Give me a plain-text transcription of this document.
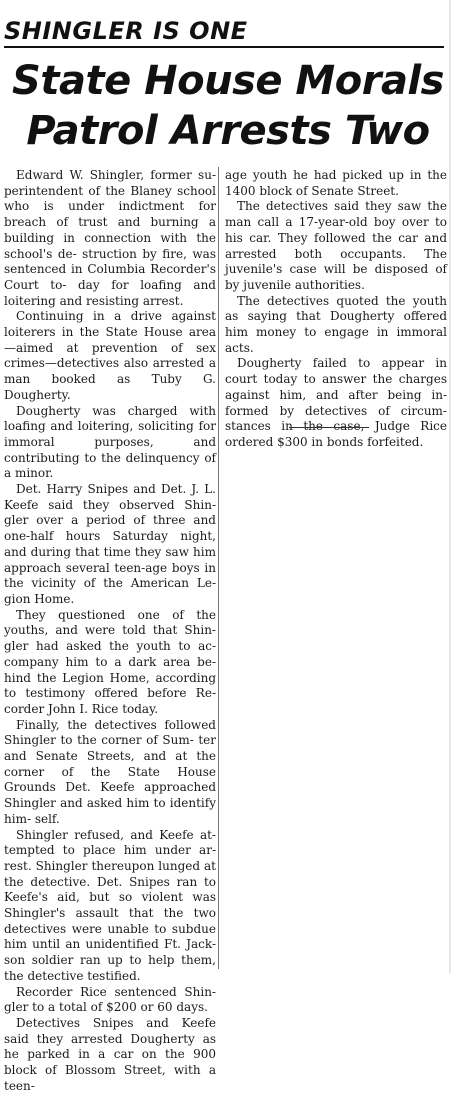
SHINGLER IS ONE
State House Morals
Patrol Arrests Two

Edward W. Shingler, former su- perintendent of the Blaney school who is under indictment for breach of trust and burning a building in connection with the school's de- struction by fire, was sentenced in Columbia Recorder's Court to- day for loafing and loitering and resisting arrest.

Continuing in a drive against loiterers in the State House area —aimed at prevention of sex crimes—detectives also arrested a man booked as Tuby G. Dougherty.

Dougherty was charged with loafing and loitering, soliciting for immoral purposes, and contributing to the delinquency of a minor.

Det. Harry Snipes and Det. J. L. Keefe said they observed Shin- gler over a period of three and one-half hours Saturday night, and during that time they saw him approach several teen-age boys in the vicinity of the American Le- gion Home.

They questioned one of the youths, and were told that Shin- gler had asked the youth to ac- company him to a dark area be- hind the Legion Home, according to testimony offered before Re- corder John I. Rice today.

Finally, the detectives followed Shingler to the corner of Sum- ter and Senate Streets, and at the corner of the State House Grounds Det. Keefe approached Shingler and asked him to identify him- self.

Shingler refused, and Keefe at- tempted to place him under ar- rest. Shingler thereupon lunged at the detective. Det. Snipes ran to Keefe's aid, but so violent was Shingler's assault that the two detectives were unable to subdue him until an unidentified Ft. Jack- son soldier ran up to help them, the detective testified.

Recorder Rice sentenced Shin- gler to a total of $200 or 60 days.

Detectives Snipes and Keefe said they arrested Dougherty as he parked in a car on the 900 block of Blossom Street, with a teen-

age youth he had picked up in the 1400 block of Senate Street.

The detectives said they saw the man call a 17-year-old boy over to his car. They followed the car and arrested both occupants. The juvenile's case will be disposed of by juvenile authorities.

The detectives quoted the youth as saying that Dougherty offered him money to engage in immoral acts.

Dougherty failed to appear in court today to answer the charges against him, and after being in- formed by detectives of circum- stances in the case, Judge Rice ordered $300 in bonds forfeited.
